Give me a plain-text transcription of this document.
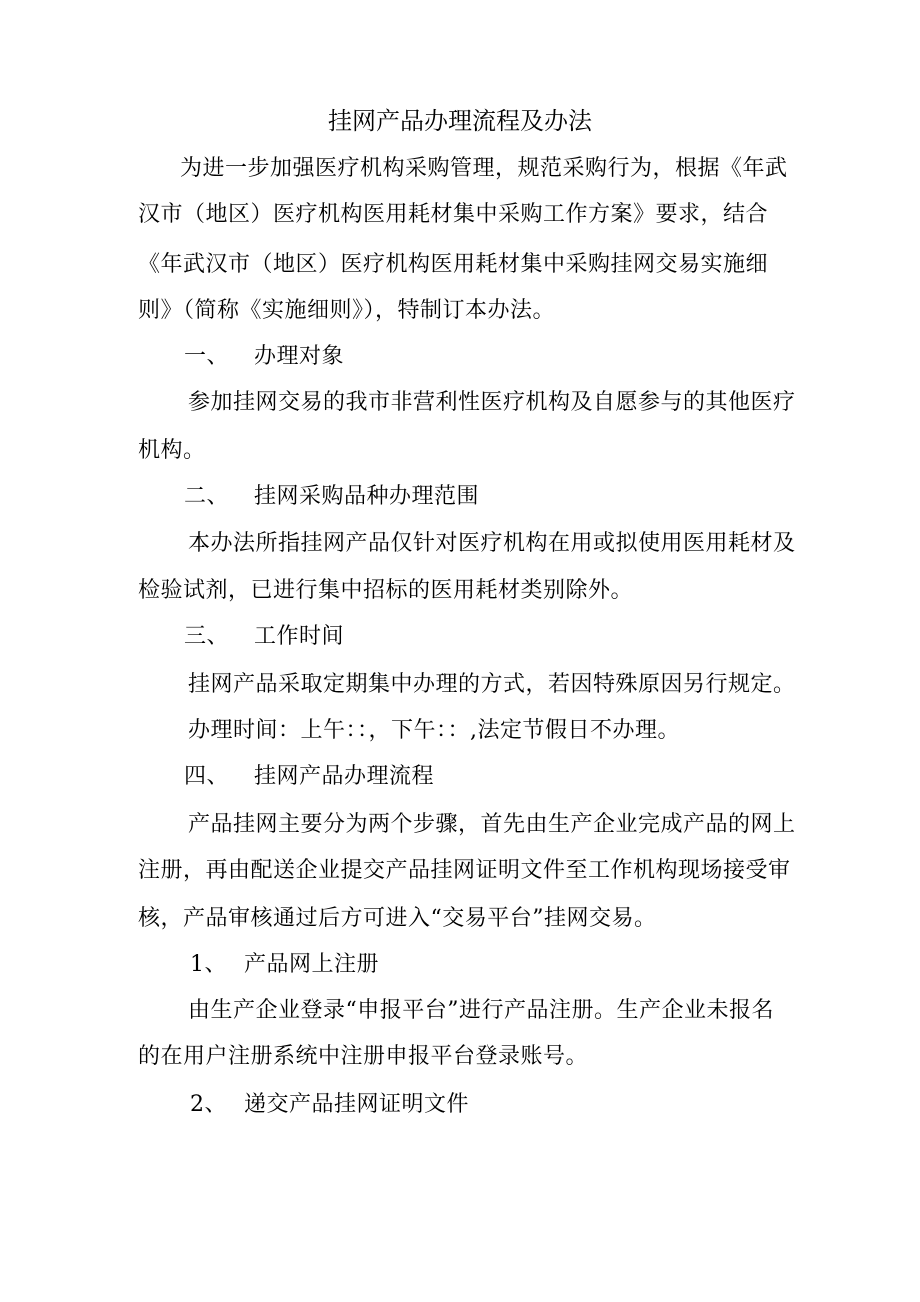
挂网产品办理流程及办法
为进一步加强医疗机构采购管理，规范采购行为，根据《年武
汉市（地区）医疗机构医用耗材集中采购工作方案》要求，结合
《年武汉市（地区）医疗机构医用耗材集中采购挂网交易实施细
则》（简称《实施细则》），特制订本办法。
一、 办理对象
参加挂网交易的我市非营利性医疗机构及自愿参与的其他医疗
机构。
二、 挂网采购品种办理范围
本办法所指挂网产品仅针对医疗机构在用或拟使用医用耗材及
检验试剂，已进行集中招标的医用耗材类别除外。
三、 工作时间
挂网产品采取定期集中办理的方式，若因特殊原因另行规定。
办理时间：上午：：，下午：：,法定节假日不办理。
四、 挂网产品办理流程
产品挂网主要分为两个步骤，首先由生产企业完成产品的网上
注册，再由配送企业提交产品挂网证明文件至工作机构现场接受审
核，产品审核通过后方可进入“交易平台”挂网交易。
1、 产品网上注册
由生产企业登录“申报平台”进行产品注册。生产企业未报名
的在用户注册系统中注册申报平台登录账号。
2、 递交产品挂网证明文件
